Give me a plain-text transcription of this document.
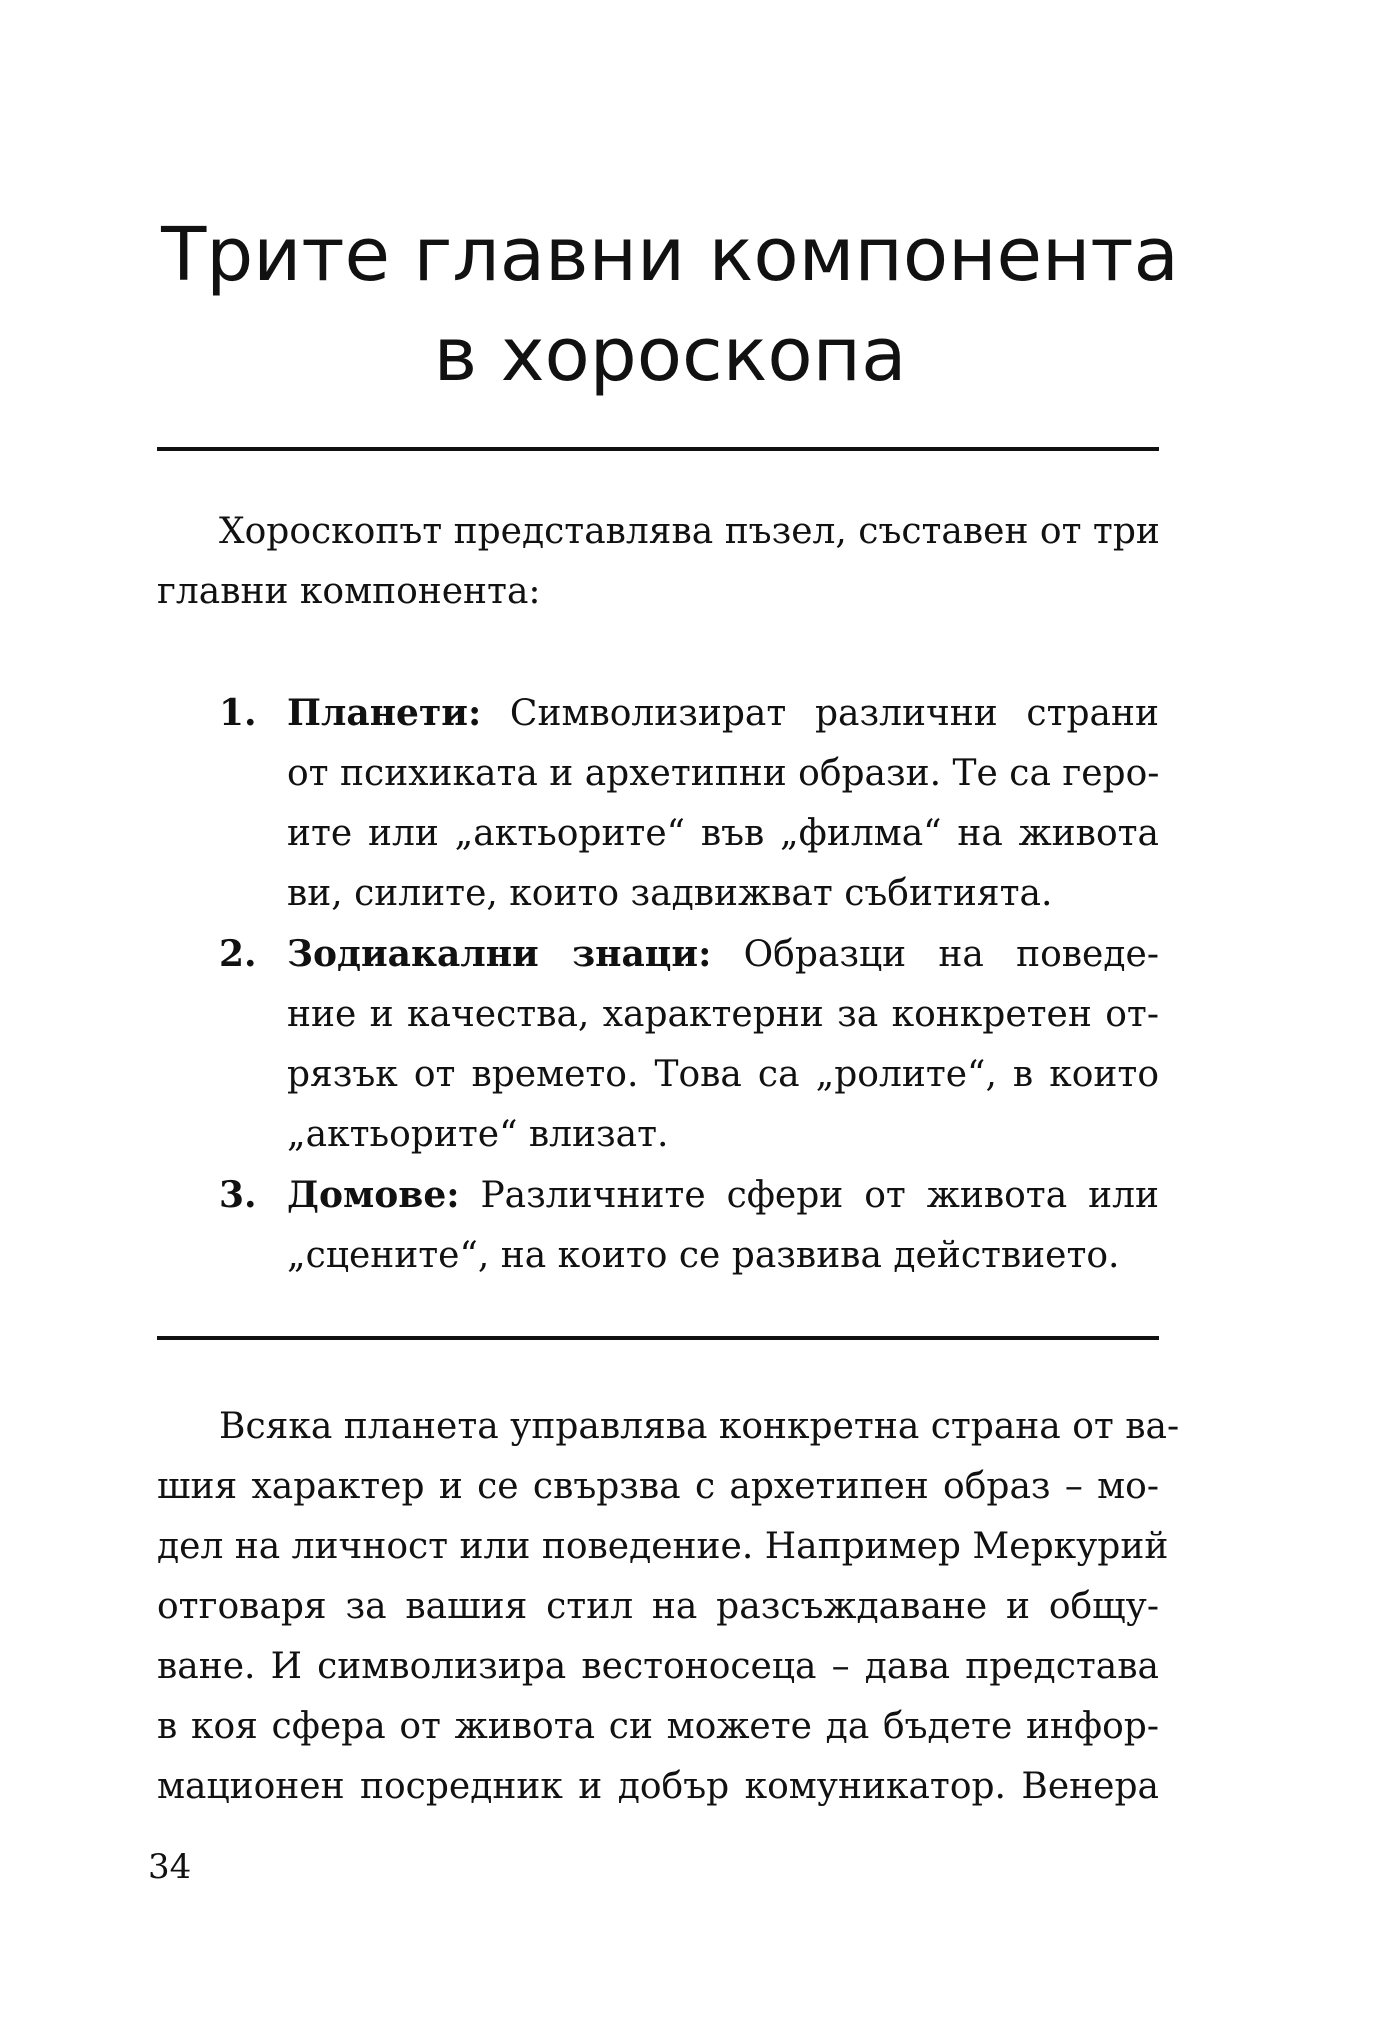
Трите главни компонента
в хороскопа

Хороскопът представлява пъзел, съставен от три
главни компонента:

1. Планети: Символизират различни страни
от психиката и архетипни образи. Те са геро-
ите или „актьорите“ във „филма“ на живота
ви, силите, които задвижват събитията.
2. Зодиакални знаци: Образци на поведе-
ние и качества, характерни за конкретен от-
рязък от времето. Това са „ролите“, в които
„актьорите“ влизат.
3. Домове: Различните сфери от живота или
„сцените“, на които се развива действието.

Всяка планета управлява конкретна страна от ва-
шия характер и се свързва с архетипен образ – мо-
дел на личност или поведение. Например Меркурий
отговаря за вашия стил на разсъждаване и общу-
ване. И символизира вестоносеца – дава представа
в коя сфера от живота си можете да бъдете инфор-
мационен посредник и добър комуникатор. Венера

34
